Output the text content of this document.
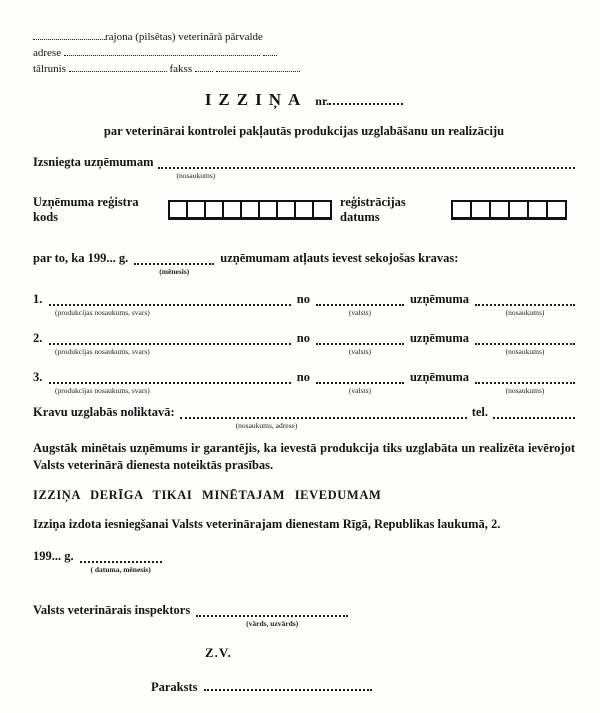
rajona (pilsētas) veterinārā pārvalde
adrese
tālrunis	fakss
IZZIŅA nr.
par veterinārai kontrolei pakļautās produkcijas uzglabāšanu un realizāciju
Izsniegta uzņēmumam
(nosaukums)
Uzņēmuma reģistra kods
reģistrācijas datums
par to, ka 199... g.
(mēnesis)
uzņēmumam atļauts ievest sekojošas kravas:
1.
(produkcijas nosaukums, svars)
no
(valsts)
uzņēmuma
(nosaukums)
2.
(produkcijas nosaukums, svars)
no
(valsts)
uzņēmuma
(nosaukums)
3.
(produkcijas nosaukums, svars)
no
(valsts)
uzņēmuma
(nosaukums)
Kravu uzglabās noliktavā:
(nosaukums, adrese)
tel.
Augstāk minētais uzņēmums ir garantējis, ka ievestā produkcija tiks uzglabāta un realizēta ievērojot Valsts veterinārā dienesta noteiktās prasības.
IZZIŅA DERĪGA TIKAI MINĒTAJAM IEVEDUMAM
Izziņa izdota iesniegšanai Valsts veterinārajam dienestam Rīgā, Republikas laukumā, 2.
199... g.
( datuma, mēnesis)
Valsts veterinārais inspektors
(vārds, uzvārds)
Z.V.
Paraksts
